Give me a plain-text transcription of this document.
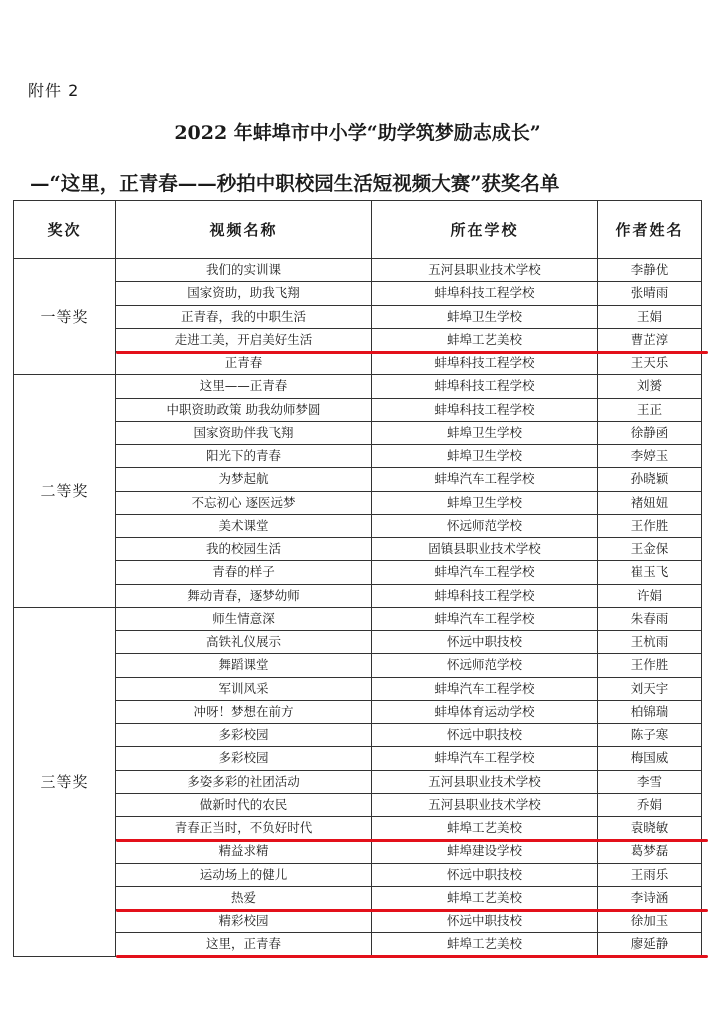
附件 2
2022 年蚌埠市中小学“助学筑梦励志成长”
—“这里，正青春——秒拍中职校园生活短视频大赛”获奖名单
奖次	视频名称	所在学校	作者姓名
一等奖	我们的实训课	五河县职业技术学校	李静优
	国家资助，助我飞翔	蚌埠科技工程学校	张晴雨
	正青春，我的中职生活	蚌埠卫生学校	王娟
	走进工美，开启美好生活	蚌埠工艺美校	曹芷淳
	正青春	蚌埠科技工程学校	王天乐
二等奖	这里——正青春	蚌埠科技工程学校	刘赟
	中职资助政策 助我幼师梦圆	蚌埠科技工程学校	王正
	国家资助伴我飞翔	蚌埠卫生学校	徐静函
	阳光下的青春	蚌埠卫生学校	李婷玉
	为梦起航	蚌埠汽车工程学校	孙晓颖
	不忘初心 逐医远梦	蚌埠卫生学校	褚妞妞
	美术课堂	怀远师范学校	王作胜
	我的校园生活	固镇县职业技术学校	王金保
	青春的样子	蚌埠汽车工程学校	崔玉飞
	舞动青春，逐梦幼师	蚌埠科技工程学校	许娟
三等奖	师生情意深	蚌埠汽车工程学校	朱春雨
	高铁礼仪展示	怀远中职技校	王杭雨
	舞蹈课堂	怀远师范学校	王作胜
	军训风采	蚌埠汽车工程学校	刘天宇
	冲呀！梦想在前方	蚌埠体育运动学校	柏锦瑞
	多彩校园	怀远中职技校	陈子寒
	多彩校园	蚌埠汽车工程学校	梅国威
	多姿多彩的社团活动	五河县职业技术学校	李雪
	做新时代的农民	五河县职业技术学校	乔娟
	青春正当时，不负好时代	蚌埠工艺美校	袁晓敏
	精益求精	蚌埠建设学校	葛梦磊
	运动场上的健儿	怀远中职技校	王雨乐
	热爱	蚌埠工艺美校	李诗涵
	精彩校园	怀远中职技校	徐加玉
	这里，正青春	蚌埠工艺美校	廖延静
